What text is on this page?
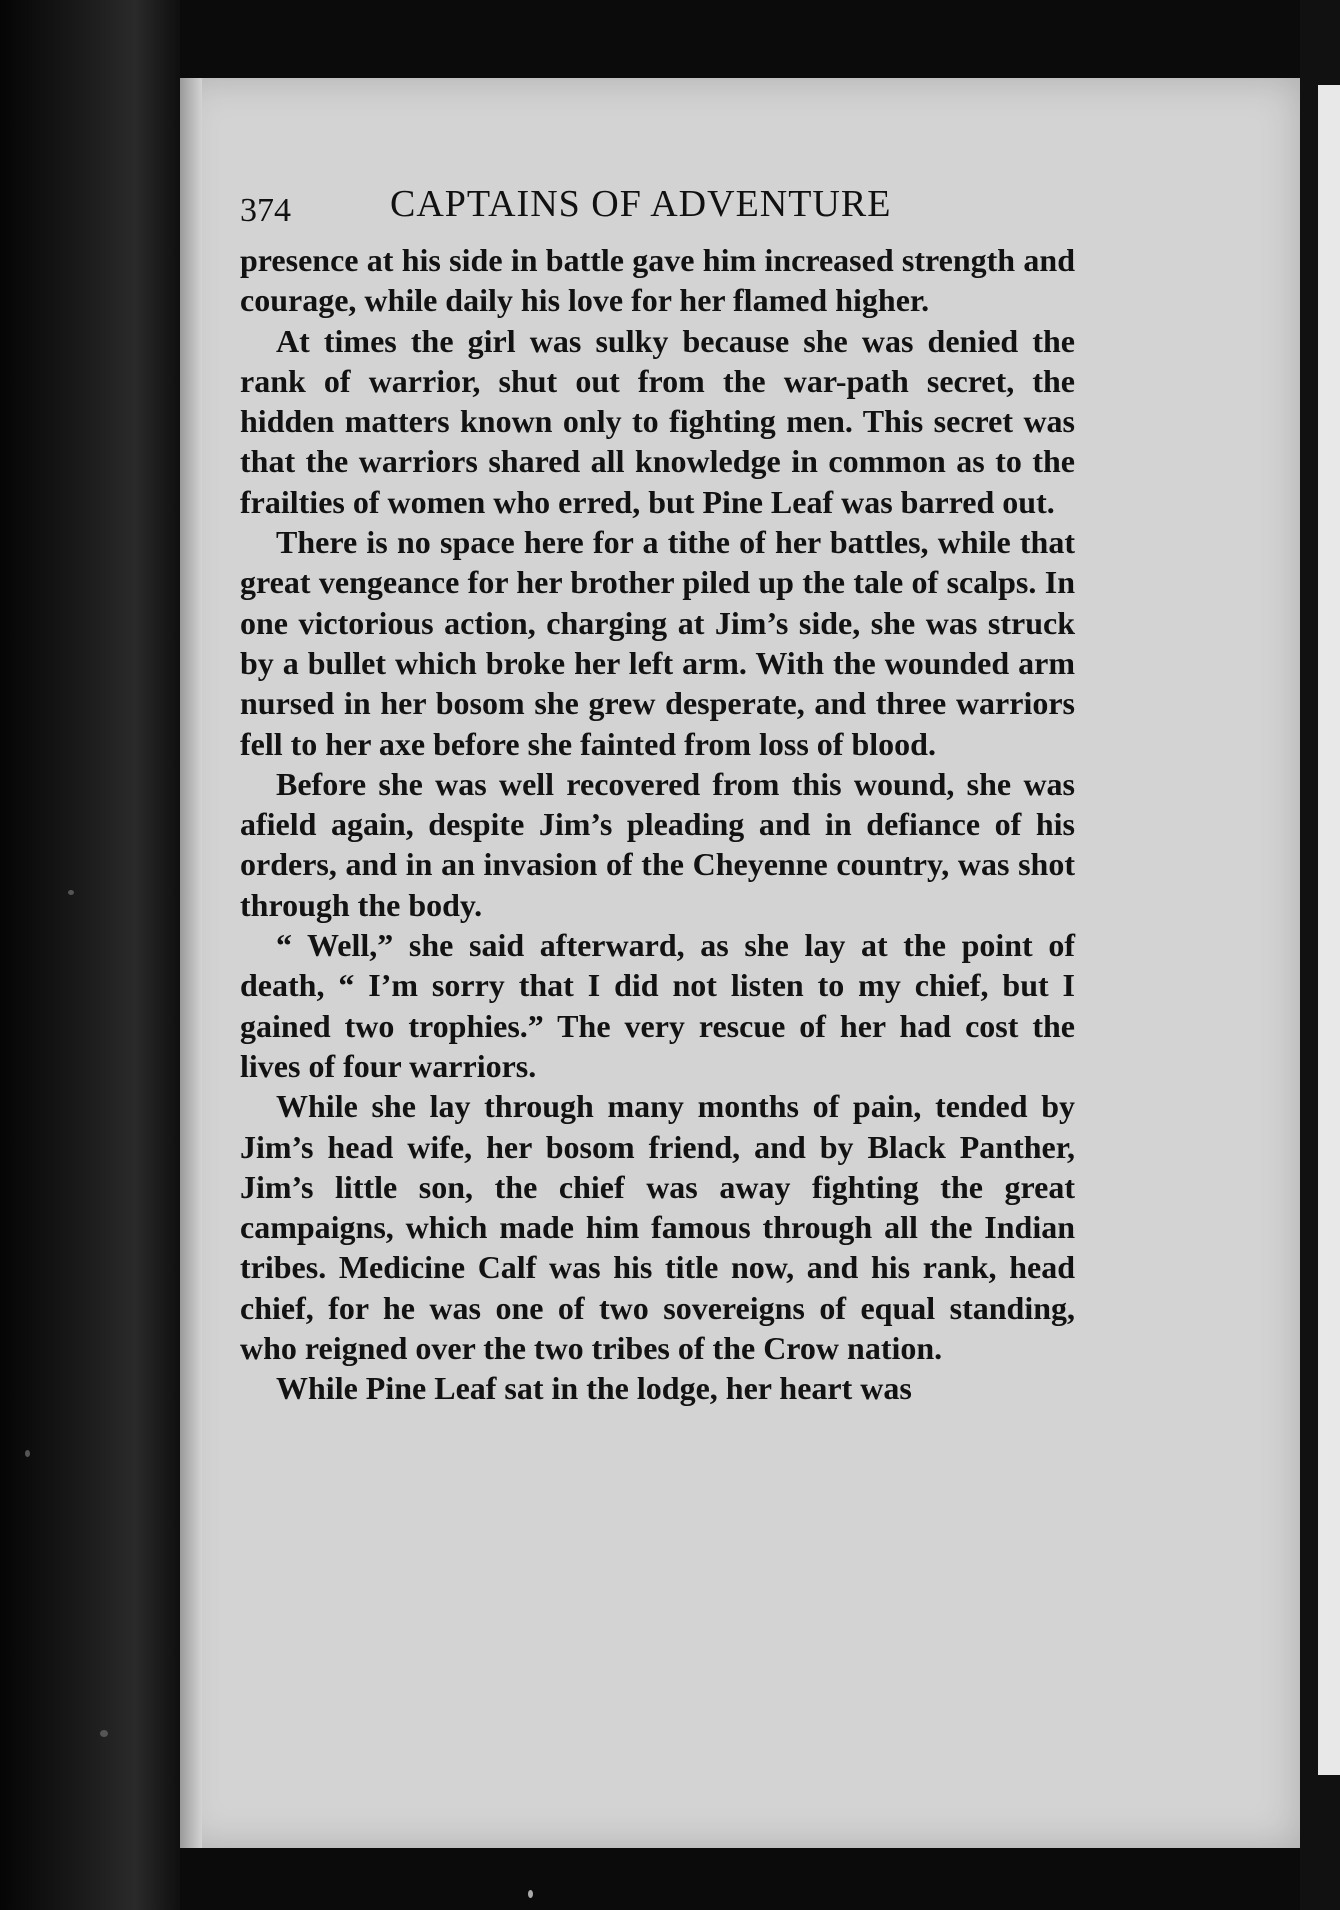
374	CAPTAINS OF ADVENTURE

presence at his side in battle gave him increased strength and courage, while daily his love for her flamed higher.

At times the girl was sulky because she was denied the rank of warrior, shut out from the war-path secret, the hidden matters known only to fighting men. This secret was that the warriors shared all knowledge in common as to the frailties of women who erred, but Pine Leaf was barred out.

There is no space here for a tithe of her battles, while that great vengeance for her brother piled up the tale of scalps. In one victorious action, charging at Jim’s side, she was struck by a bullet which broke her left arm. With the wounded arm nursed in her bosom she grew desperate, and three warriors fell to her axe before she fainted from loss of blood.

Before she was well recovered from this wound, she was afield again, despite Jim’s pleading and in defiance of his orders, and in an invasion of the Cheyenne country, was shot through the body.

“ Well,” she said afterward, as she lay at the point of death, “ I’m sorry that I did not listen to my chief, but I gained two trophies.” The very rescue of her had cost the lives of four warriors.

While she lay through many months of pain, tended by Jim’s head wife, her bosom friend, and by Black Panther, Jim’s little son, the chief was away fighting the great campaigns, which made him famous through all the Indian tribes. Medicine Calf was his title now, and his rank, head chief, for he was one of two sovereigns of equal standing, who reigned over the two tribes of the Crow nation.

While Pine Leaf sat in the lodge, her heart was
